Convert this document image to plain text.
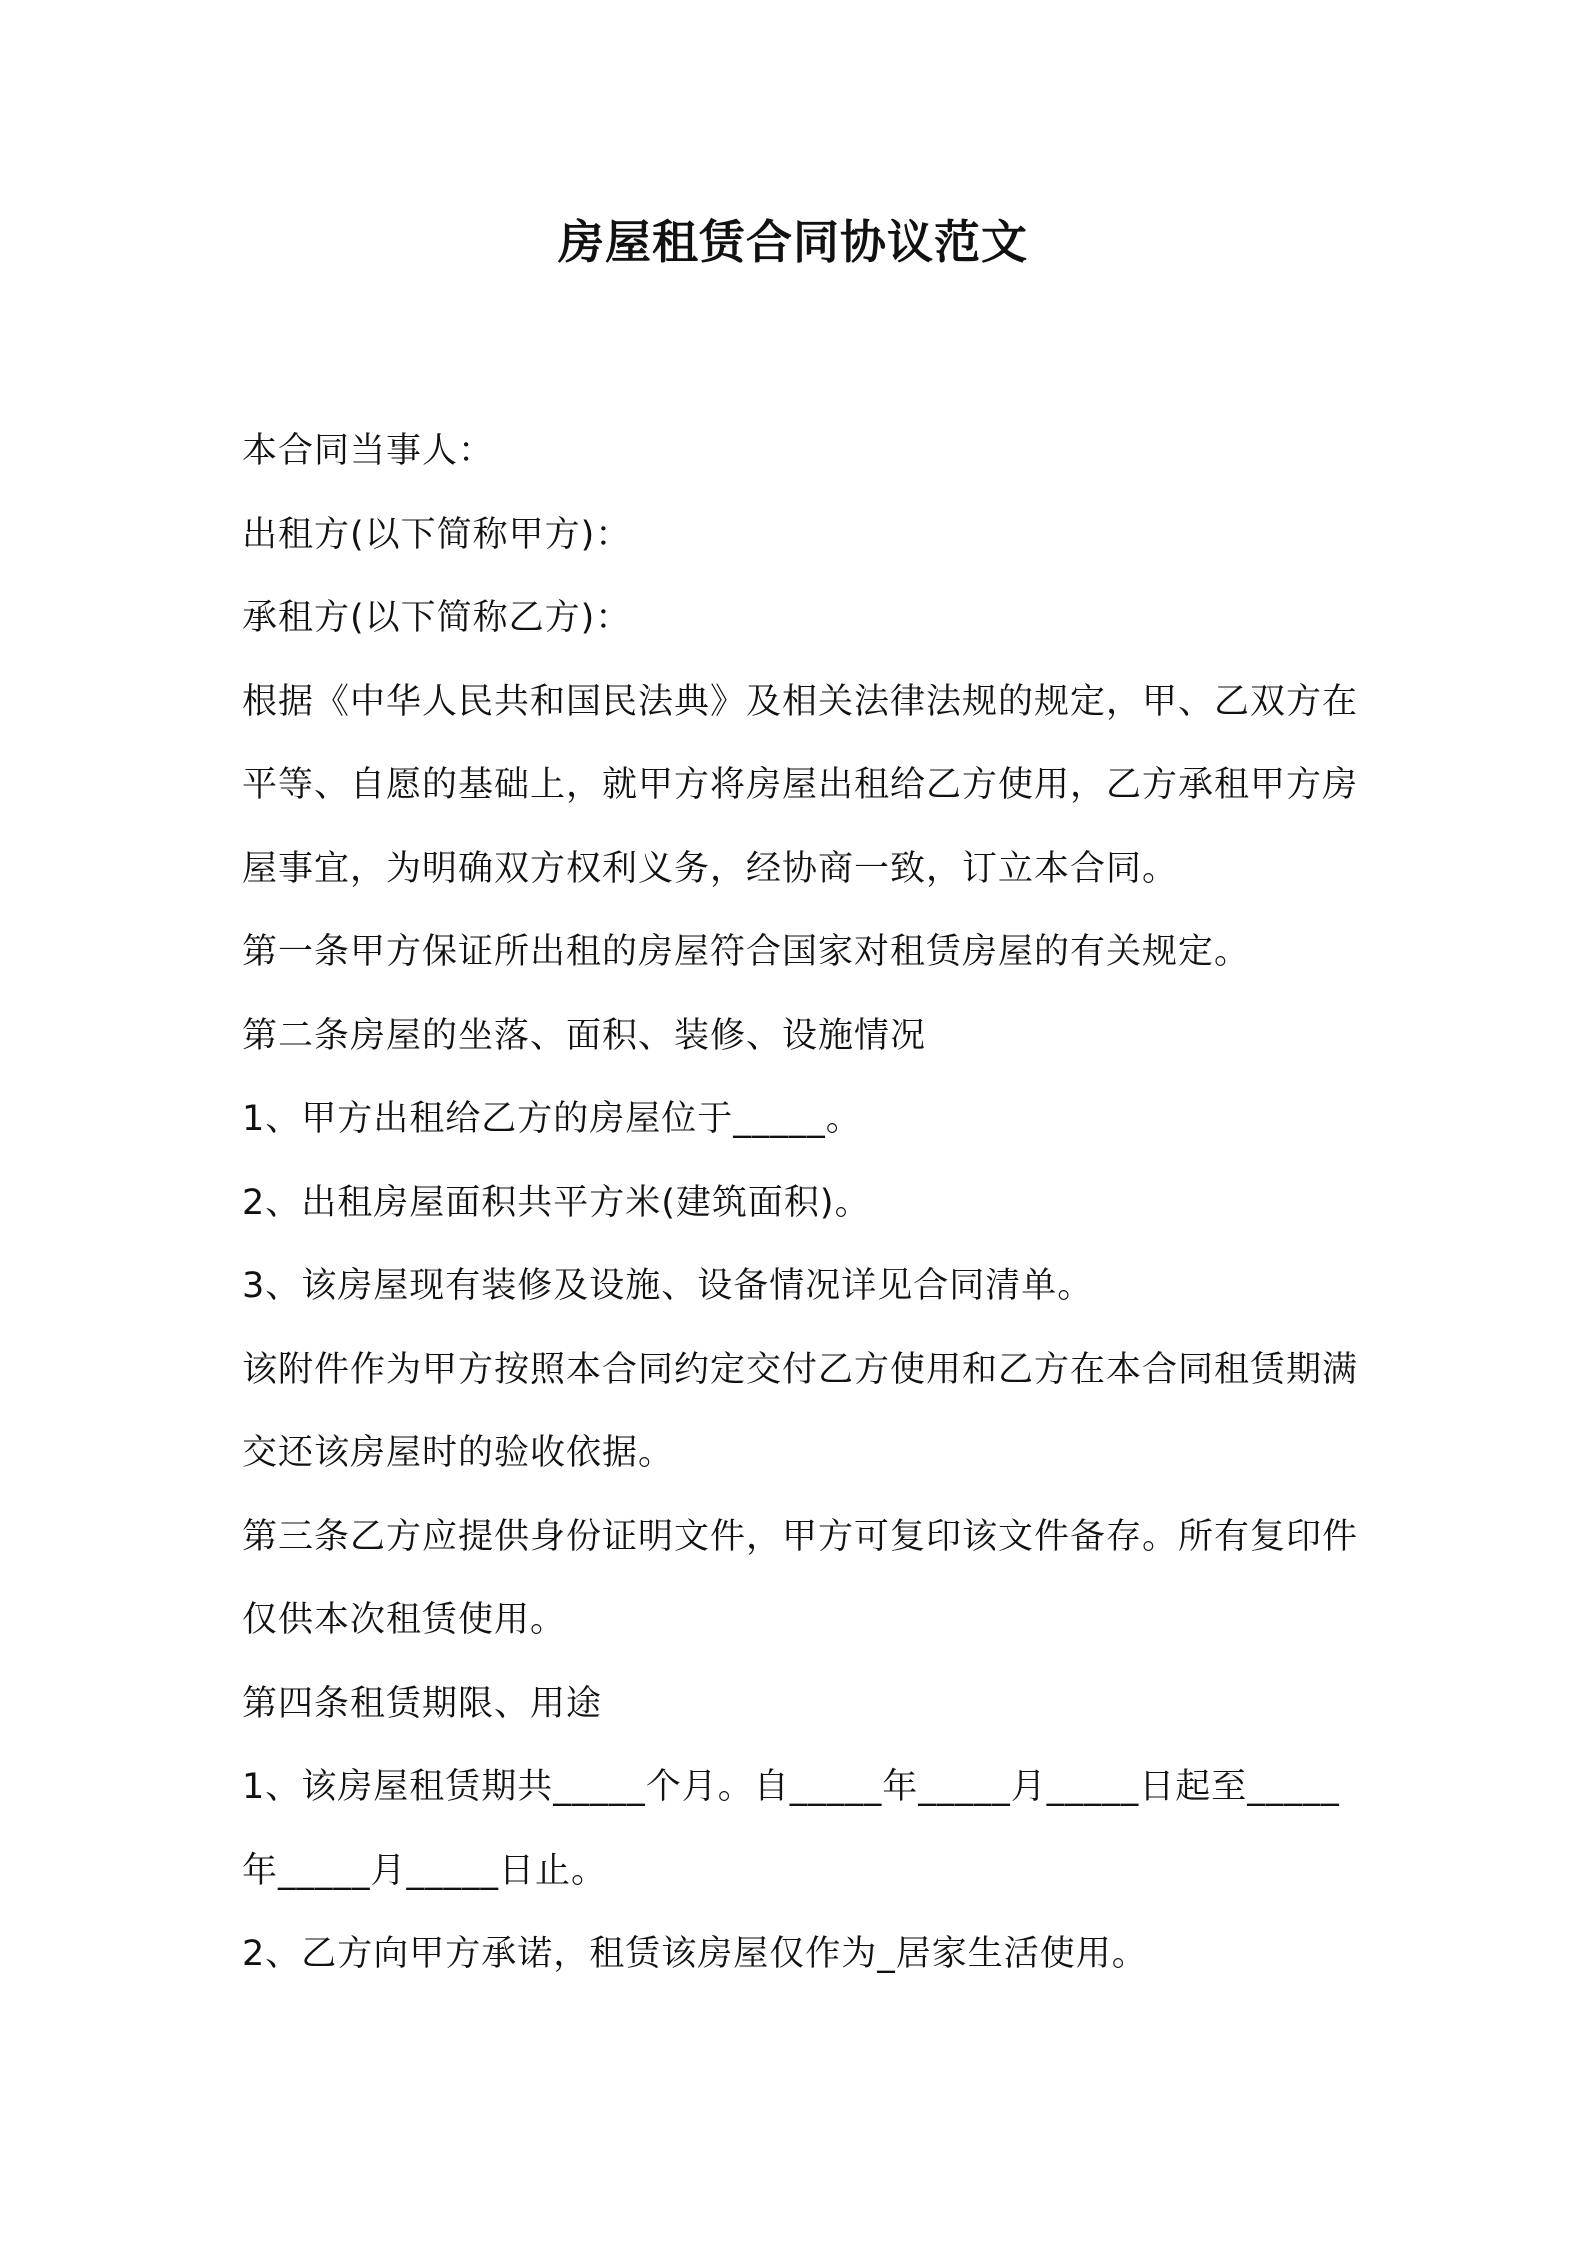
房屋租赁合同协议范文

本合同当事人：

出租方(以下简称甲方)：

承租方(以下简称乙方)：

根据《中华人民共和国民法典》及相关法律法规的规定，甲、乙双方在平等、自愿的基础上，就甲方将房屋出租给乙方使用，乙方承租甲方房屋事宜，为明确双方权利义务，经协商一致，订立本合同。

第一条甲方保证所出租的房屋符合国家对租赁房屋的有关规定。

第二条房屋的坐落、面积、装修、设施情况

1、甲方出租给乙方的房屋位于_____。

2、出租房屋面积共平方米(建筑面积)。

3、该房屋现有装修及设施、设备情况详见合同清单。

该附件作为甲方按照本合同约定交付乙方使用和乙方在本合同租赁期满交还该房屋时的验收依据。

第三条乙方应提供身份证明文件，甲方可复印该文件备存。所有复印件仅供本次租赁使用。

第四条租赁期限、用途

1、该房屋租赁期共_____个月。自_____年_____月_____日起至_____年_____月_____日止。

2、乙方向甲方承诺，租赁该房屋仅作为_居家生活使用。
